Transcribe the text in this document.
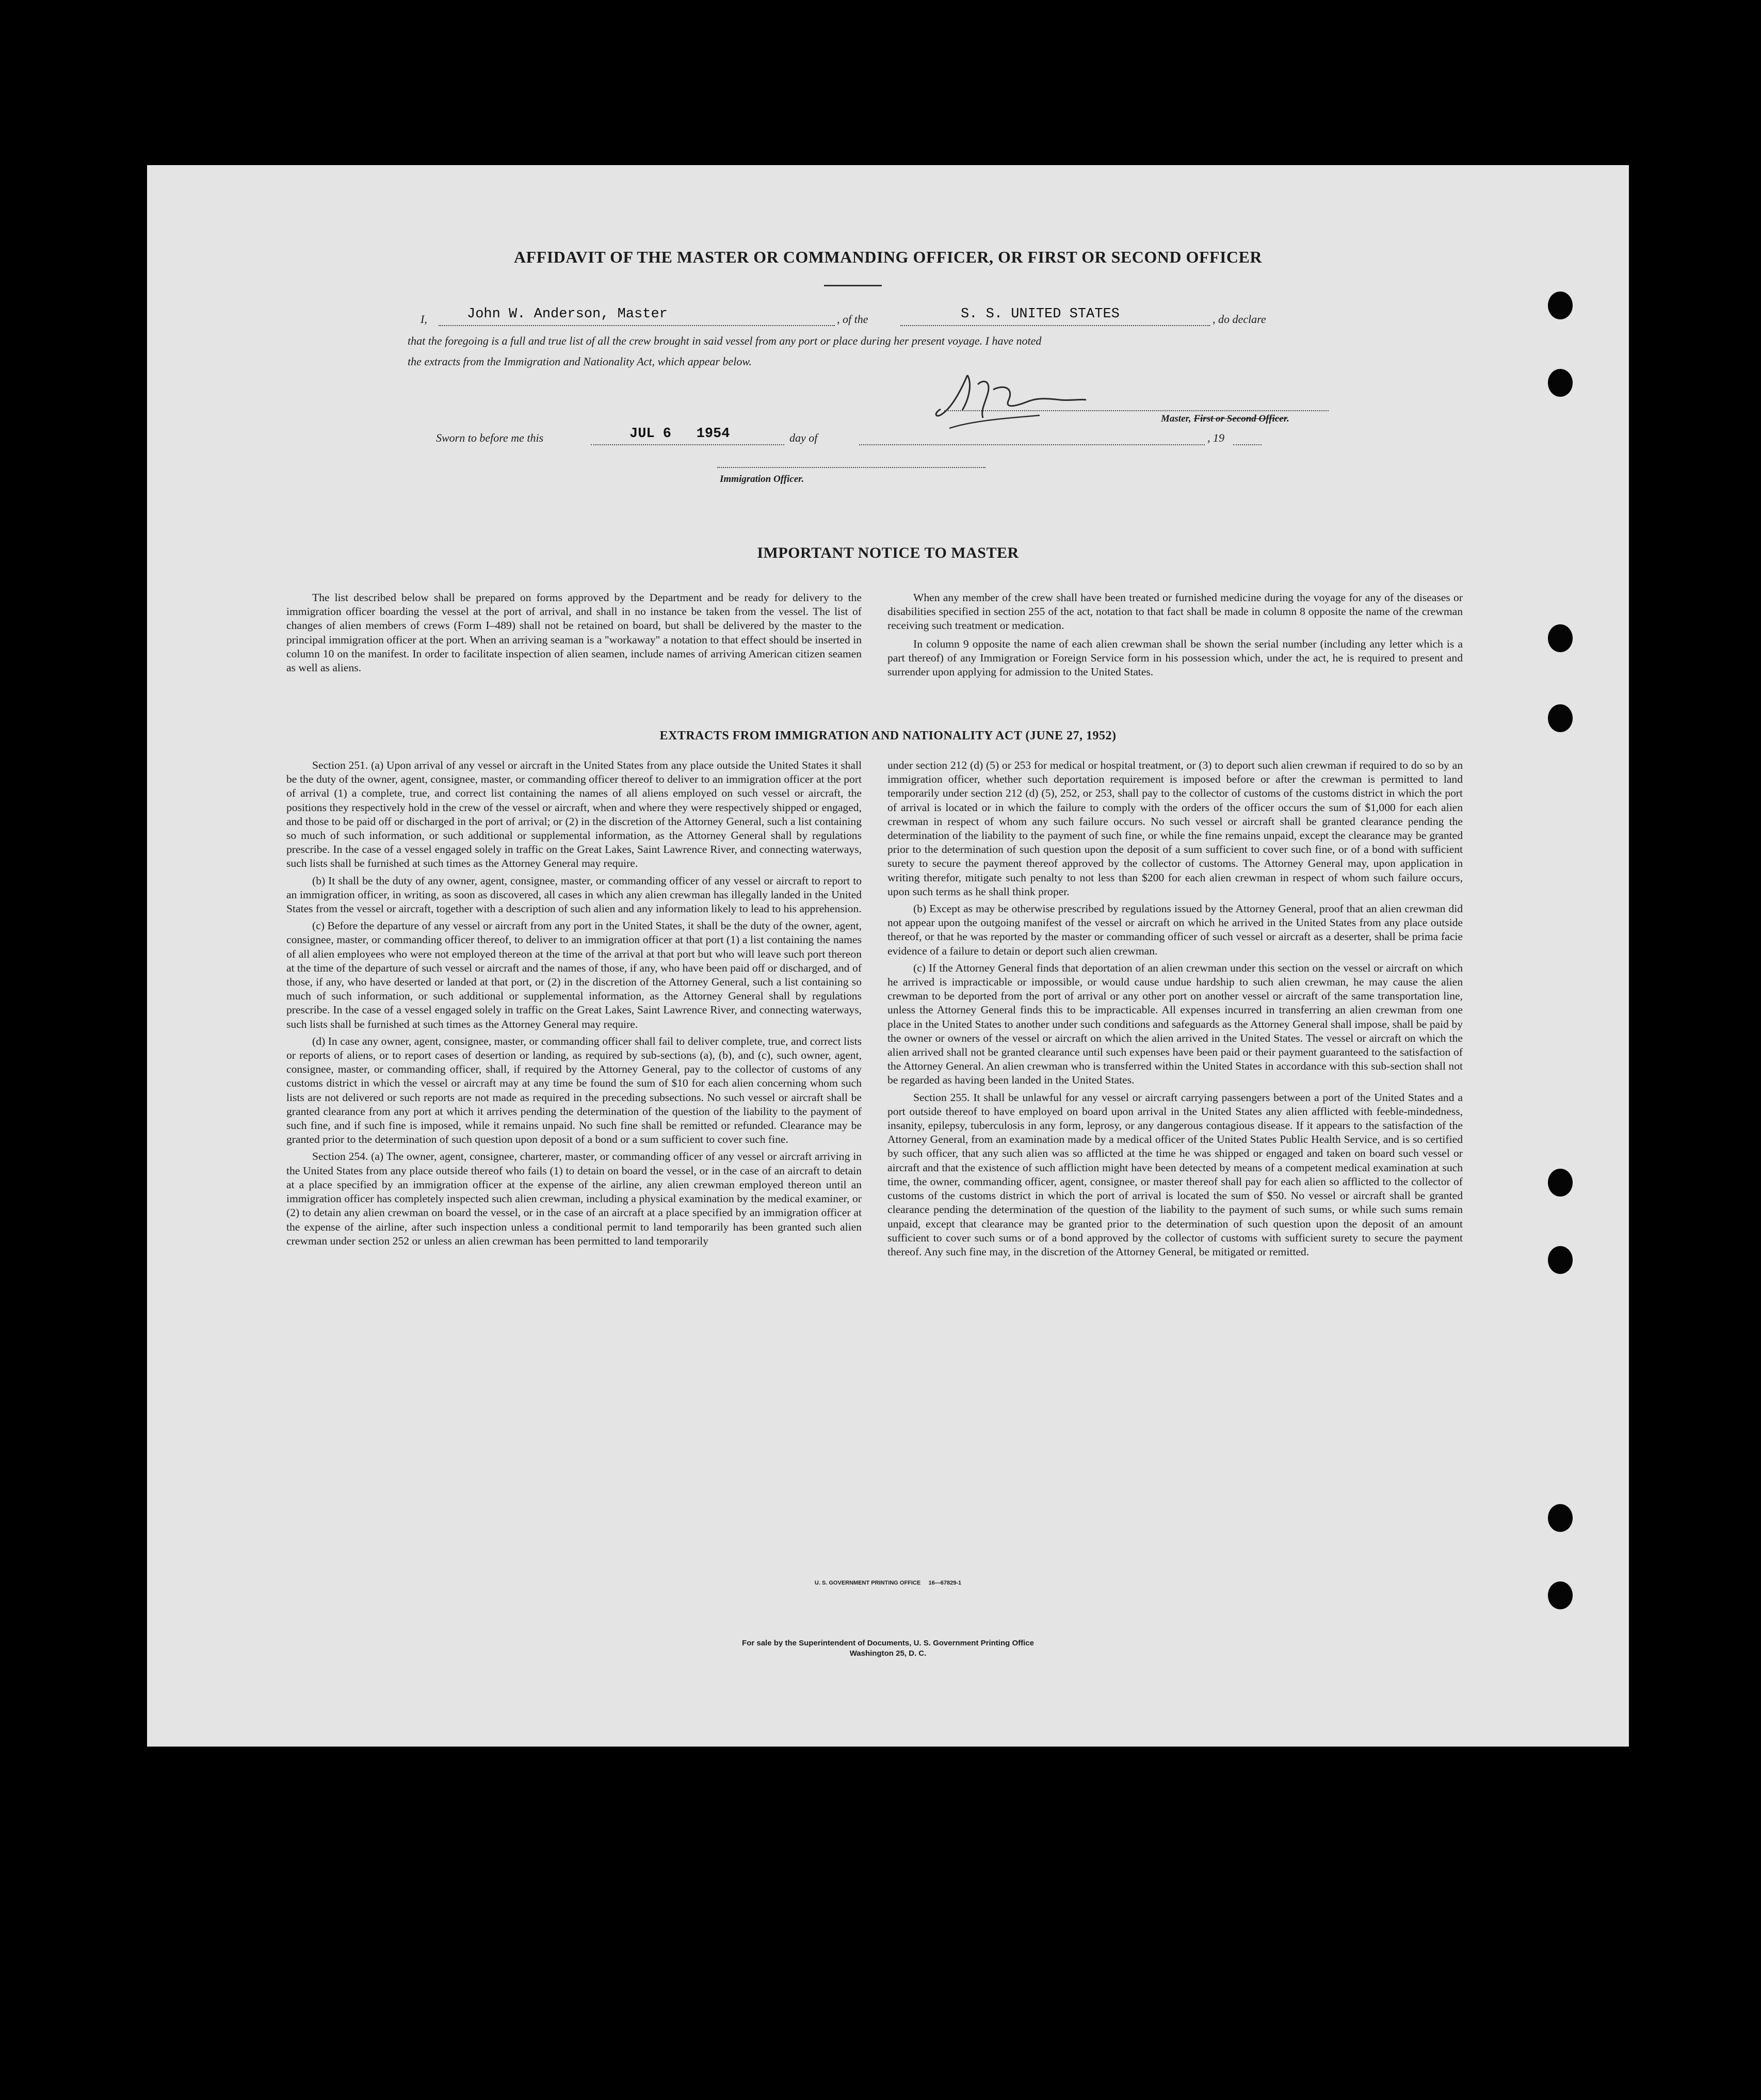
AFFIDAVIT OF THE MASTER OR COMMANDING OFFICER, OR FIRST OR SECOND OFFICER
I,	John W. Anderson, Master	, of the	S. S. UNITED STATES	, do declare
that the foregoing is a full and true list of all the crew brought in said vessel from any port or place during her present voyage. I have noted
the extracts from the Immigration and Nationality Act, which appear below.
Master, First or Second Officer.
Sworn to before me this	JUL 6   1954	day of	, 19
Immigration Officer.
IMPORTANT NOTICE TO MASTER

The list described below shall be prepared on forms approved by the Department and be ready for delivery to the immigration officer boarding the vessel at the port of arrival, and shall in no instance be taken from the vessel. The list of changes of alien members of crews (Form I–489) shall not be retained on board, but shall be delivered by the master to the principal immigration officer at the port. When an arriving seaman is a "workaway" a notation to that effect should be inserted in column 10 on the manifest. In order to facilitate inspection of alien seamen, include names of arriving American citizen seamen as well as aliens.

When any member of the crew shall have been treated or furnished medicine during the voyage for any of the diseases or disabilities specified in section 255 of the act, notation to that fact shall be made in column 8 opposite the name of the crewman receiving such treatment or medication.

In column 9 opposite the name of each alien crewman shall be shown the serial number (including any letter which is a part thereof) of any Immigration or Foreign Service form in his possession which, under the act, he is required to present and surrender upon applying for admission to the United States.

EXTRACTS FROM IMMIGRATION AND NATIONALITY ACT (JUNE 27, 1952)

Section 251. (a) Upon arrival of any vessel or aircraft in the United States from any place outside the United States it shall be the duty of the owner, agent, consignee, master, or commanding officer thereof to deliver to an immigration officer at the port of arrival (1) a complete, true, and correct list containing the names of all aliens employed on such vessel or aircraft, the positions they respectively hold in the crew of the vessel or aircraft, when and where they were respectively shipped or engaged, and those to be paid off or discharged in the port of arrival; or (2) in the discretion of the Attorney General, such a list containing so much of such information, or such additional or supplemental information, as the Attorney General shall by regulations prescribe. In the case of a vessel engaged solely in traffic on the Great Lakes, Saint Lawrence River, and connecting waterways, such lists shall be furnished at such times as the Attorney General may require.

(b) It shall be the duty of any owner, agent, consignee, master, or commanding officer of any vessel or aircraft to report to an immigration officer, in writing, as soon as discovered, all cases in which any alien crewman has illegally landed in the United States from the vessel or aircraft, together with a description of such alien and any information likely to lead to his apprehension.

(c) Before the departure of any vessel or aircraft from any port in the United States, it shall be the duty of the owner, agent, consignee, master, or commanding officer thereof, to deliver to an immigration officer at that port (1) a list containing the names of all alien employees who were not employed thereon at the time of the arrival at that port but who will leave such port thereon at the time of the departure of such vessel or aircraft and the names of those, if any, who have been paid off or discharged, and of those, if any, who have deserted or landed at that port, or (2) in the discretion of the Attorney General, such a list containing so much of such information, or such additional or supplemental information, as the Attorney General shall by regulations prescribe. In the case of a vessel engaged solely in traffic on the Great Lakes, Saint Lawrence River, and connecting waterways, such lists shall be furnished at such times as the Attorney General may require.

(d) In case any owner, agent, consignee, master, or commanding officer shall fail to deliver complete, true, and correct lists or reports of aliens, or to report cases of desertion or landing, as required by sub-sections (a), (b), and (c), such owner, agent, consignee, master, or commanding officer, shall, if required by the Attorney General, pay to the collector of customs of any customs district in which the vessel or aircraft may at any time be found the sum of $10 for each alien concerning whom such lists are not delivered or such reports are not made as required in the preceding subsections. No such vessel or aircraft shall be granted clearance from any port at which it arrives pending the determination of the question of the liability to the payment of such fine, and if such fine is imposed, while it remains unpaid. No such fine shall be remitted or refunded. Clearance may be granted prior to the determination of such question upon deposit of a bond or a sum sufficient to cover such fine.

Section 254. (a) The owner, agent, consignee, charterer, master, or commanding officer of any vessel or aircraft arriving in the United States from any place outside thereof who fails (1) to detain on board the vessel, or in the case of an aircraft to detain at a place specified by an immigration officer at the expense of the airline, any alien crewman employed thereon until an immigration officer has completely inspected such alien crewman, including a physical examination by the medical examiner, or (2) to detain any alien crewman on board the vessel, or in the case of an aircraft at a place specified by an immigration officer at the expense of the airline, after such inspection unless a conditional permit to land temporarily has been granted such alien crewman under section 252 or unless an alien crewman has been permitted to land temporarily

under section 212 (d) (5) or 253 for medical or hospital treatment, or (3) to deport such alien crewman if required to do so by an immigration officer, whether such deportation requirement is imposed before or after the crewman is permitted to land temporarily under section 212 (d) (5), 252, or 253, shall pay to the collector of customs of the customs district in which the port of arrival is located or in which the failure to comply with the orders of the officer occurs the sum of $1,000 for each alien crewman in respect of whom any such failure occurs. No such vessel or aircraft shall be granted clearance pending the determination of the liability to the payment of such fine, or while the fine remains unpaid, except the clearance may be granted prior to the determination of such question upon the deposit of a sum sufficient to cover such fine, or of a bond with sufficient surety to secure the payment thereof approved by the collector of customs. The Attorney General may, upon application in writing therefor, mitigate such penalty to not less than $200 for each alien crewman in respect of whom such failure occurs, upon such terms as he shall think proper.

(b) Except as may be otherwise prescribed by regulations issued by the Attorney General, proof that an alien crewman did not appear upon the outgoing manifest of the vessel or aircraft on which he arrived in the United States from any place outside thereof, or that he was reported by the master or commanding officer of such vessel or aircraft as a deserter, shall be prima facie evidence of a failure to detain or deport such alien crewman.

(c) If the Attorney General finds that deportation of an alien crewman under this section on the vessel or aircraft on which he arrived is impracticable or impossible, or would cause undue hardship to such alien crewman, he may cause the alien crewman to be deported from the port of arrival or any other port on another vessel or aircraft of the same transportation line, unless the Attorney General finds this to be impracticable. All expenses incurred in transferring an alien crewman from one place in the United States to another under such conditions and safeguards as the Attorney General shall impose, shall be paid by the owner or owners of the vessel or aircraft on which the alien arrived in the United States. The vessel or aircraft on which the alien arrived shall not be granted clearance until such expenses have been paid or their payment guaranteed to the satisfaction of the Attorney General. An alien crewman who is transferred within the United States in accordance with this sub-section shall not be regarded as having been landed in the United States.

Section 255. It shall be unlawful for any vessel or aircraft carrying passengers between a port of the United States and a port outside thereof to have employed on board upon arrival in the United States any alien afflicted with feeble-mindedness, insanity, epilepsy, tuberculosis in any form, leprosy, or any dangerous contagious disease. If it appears to the satisfaction of the Attorney General, from an examination made by a medical officer of the United States Public Health Service, and is so certified by such officer, that any such alien was so afflicted at the time he was shipped or engaged and taken on board such vessel or aircraft and that the existence of such affliction might have been detected by means of a competent medical examination at such time, the owner, commanding officer, agent, consignee, or master thereof shall pay for each alien so afflicted to the collector of customs of the customs district in which the port of arrival is located the sum of $50. No vessel or aircraft shall be granted clearance pending the determination of the question of the liability to the payment of such sums, or while such sums remain unpaid, except that clearance may be granted prior to the determination of such question upon the deposit of an amount sufficient to cover such sums or of a bond approved by the collector of customs with sufficient surety to secure the payment thereof. Any such fine may, in the discretion of the Attorney General, be mitigated or remitted.

U. S. GOVERNMENT PRINTING OFFICE     16—67829-1
For sale by the Superintendent of Documents, U. S. Government Printing Office
Washington 25, D. C.
